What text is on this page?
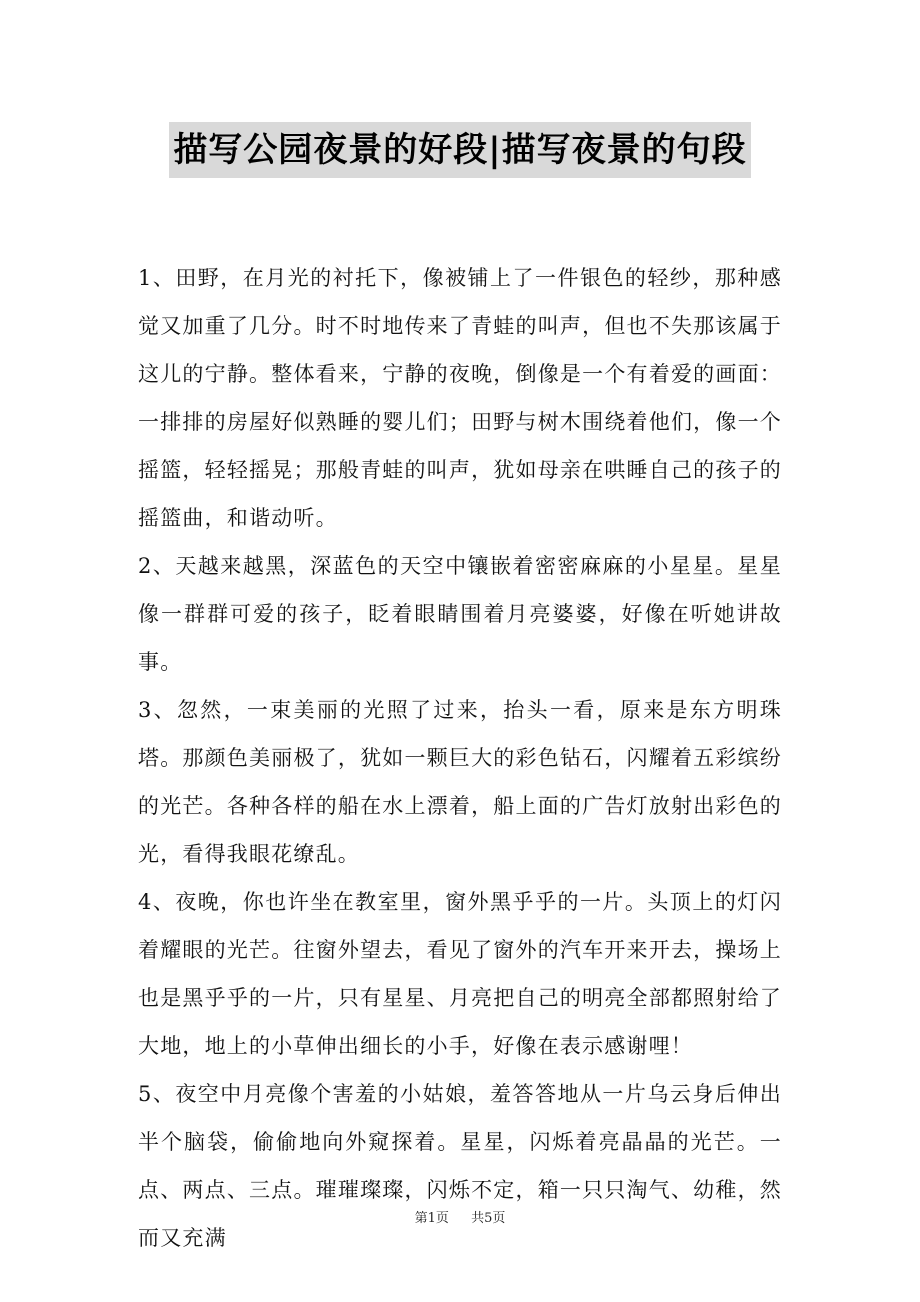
描写公园夜景的好段|描写夜景的句段

1、田野，在月光的衬托下，像被铺上了一件银色的轻纱，那种感觉又加重了几分。时不时地传来了青蛙的叫声，但也不失那该属于这儿的宁静。整体看来，宁静的夜晚，倒像是一个有着爱的画面：一排排的房屋好似熟睡的婴儿们；田野与树木围绕着他们，像一个摇篮，轻轻摇晃；那般青蛙的叫声，犹如母亲在哄睡自己的孩子的摇篮曲，和谐动听。

2、天越来越黑，深蓝色的天空中镶嵌着密密麻麻的小星星。星星像一群群可爱的孩子，眨着眼睛围着月亮婆婆，好像在听她讲故事。

3、忽然，一束美丽的光照了过来，抬头一看，原来是东方明珠塔。那颜色美丽极了，犹如一颗巨大的彩色钻石，闪耀着五彩缤纷的光芒。各种各样的船在水上漂着，船上面的广告灯放射出彩色的光，看得我眼花缭乱。

4、夜晚，你也许坐在教室里，窗外黑乎乎的一片。头顶上的灯闪着耀眼的光芒。往窗外望去，看见了窗外的汽车开来开去，操场上也是黑乎乎的一片，只有星星、月亮把自己的明亮全部都照射给了大地，地上的小草伸出细长的小手，好像在表示感谢哩！

5、夜空中月亮像个害羞的小姑娘，羞答答地从一片乌云身后伸出半个脑袋，偷偷地向外窥探着。星星，闪烁着亮晶晶的光芒。一点、两点、三点。璀璀璨璨，闪烁不定，箱一只只淘气、幼稚，然而又充满

第1页 共5页
